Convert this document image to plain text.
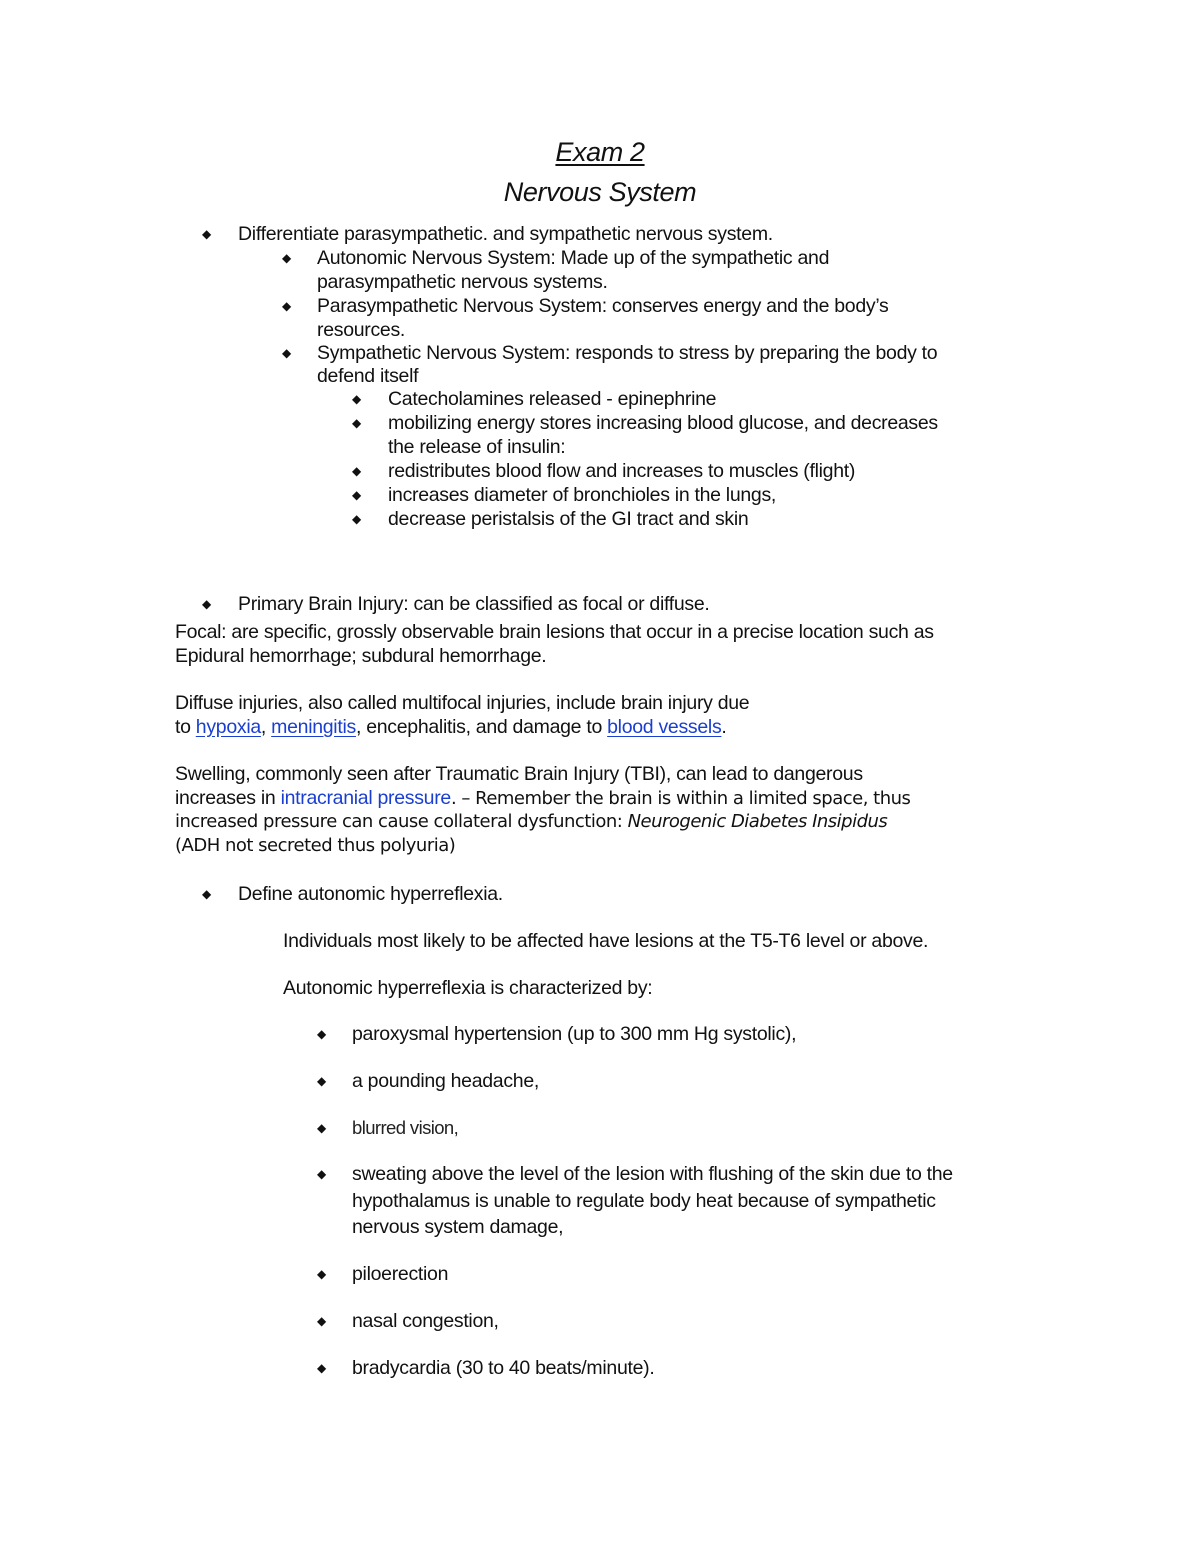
Exam 2
Nervous System
◆ Differentiate parasympathetic. and sympathetic nervous system.
◆ Autonomic Nervous System: Made up of the sympathetic and
parasympathetic nervous systems.
◆ Parasympathetic Nervous System: conserves energy and the body’s
resources.
◆ Sympathetic Nervous System: responds to stress by preparing the body to
defend itself
◆ Catecholamines released - epinephrine
◆ mobilizing energy stores increasing blood glucose, and decreases
the release of insulin:
◆ redistributes blood flow and increases to muscles (flight)
◆ increases diameter of bronchioles in the lungs,
◆ decrease peristalsis of the GI tract and skin
◆ Primary Brain Injury: can be classified as focal or diffuse.
Focal: are specific, grossly observable brain lesions that occur in a precise location such as
Epidural hemorrhage; subdural hemorrhage.
Diffuse injuries, also called multifocal injuries, include brain injury due
to hypoxia, meningitis, encephalitis, and damage to blood vessels.
Swelling, commonly seen after Traumatic Brain Injury (TBI), can lead to dangerous
increases in intracranial pressure. – Remember the brain is within a limited space, thus
increased pressure can cause collateral dysfunction: Neurogenic Diabetes Insipidus
(ADH not secreted thus polyuria)
◆ Define autonomic hyperreflexia.
Individuals most likely to be affected have lesions at the T5-T6 level or above.
Autonomic hyperreflexia is characterized by:
◆ paroxysmal hypertension (up to 300 mm Hg systolic),
◆ a pounding headache,
◆ blurred vision,
◆ sweating above the level of the lesion with flushing of the skin due to the
hypothalamus is unable to regulate body heat because of sympathetic
nervous system damage,
◆ piloerection
◆ nasal congestion,
◆ bradycardia (30 to 40 beats/minute).
